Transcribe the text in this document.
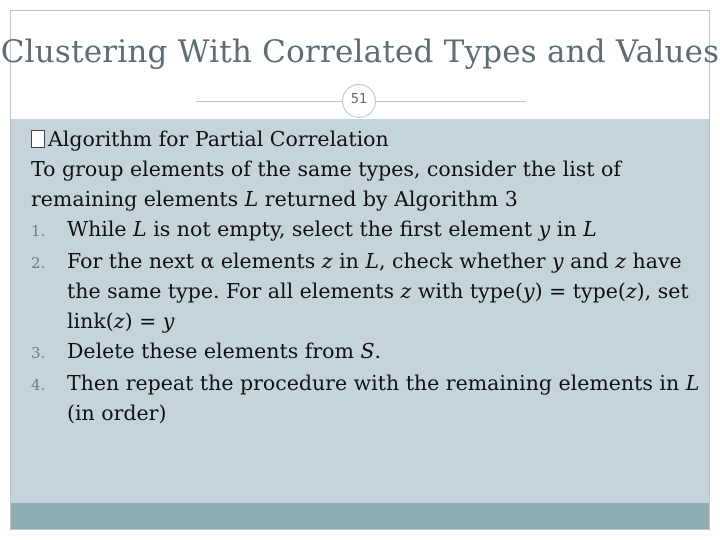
Clustering With Correlated Types and Values
51
Algorithm for Partial Correlation

To group elements of the same types, consider the list of

remaining elements L returned by Algorithm 3

1.	While L is not empty, select the first element y in L
2.	For the next α elements z in L, check whether y and z have the same type. For all elements z with type(y) = type(z), set link(z) = y
3.	Delete these elements from S.
4.	Then repeat the procedure with the remaining elements in L (in order)
